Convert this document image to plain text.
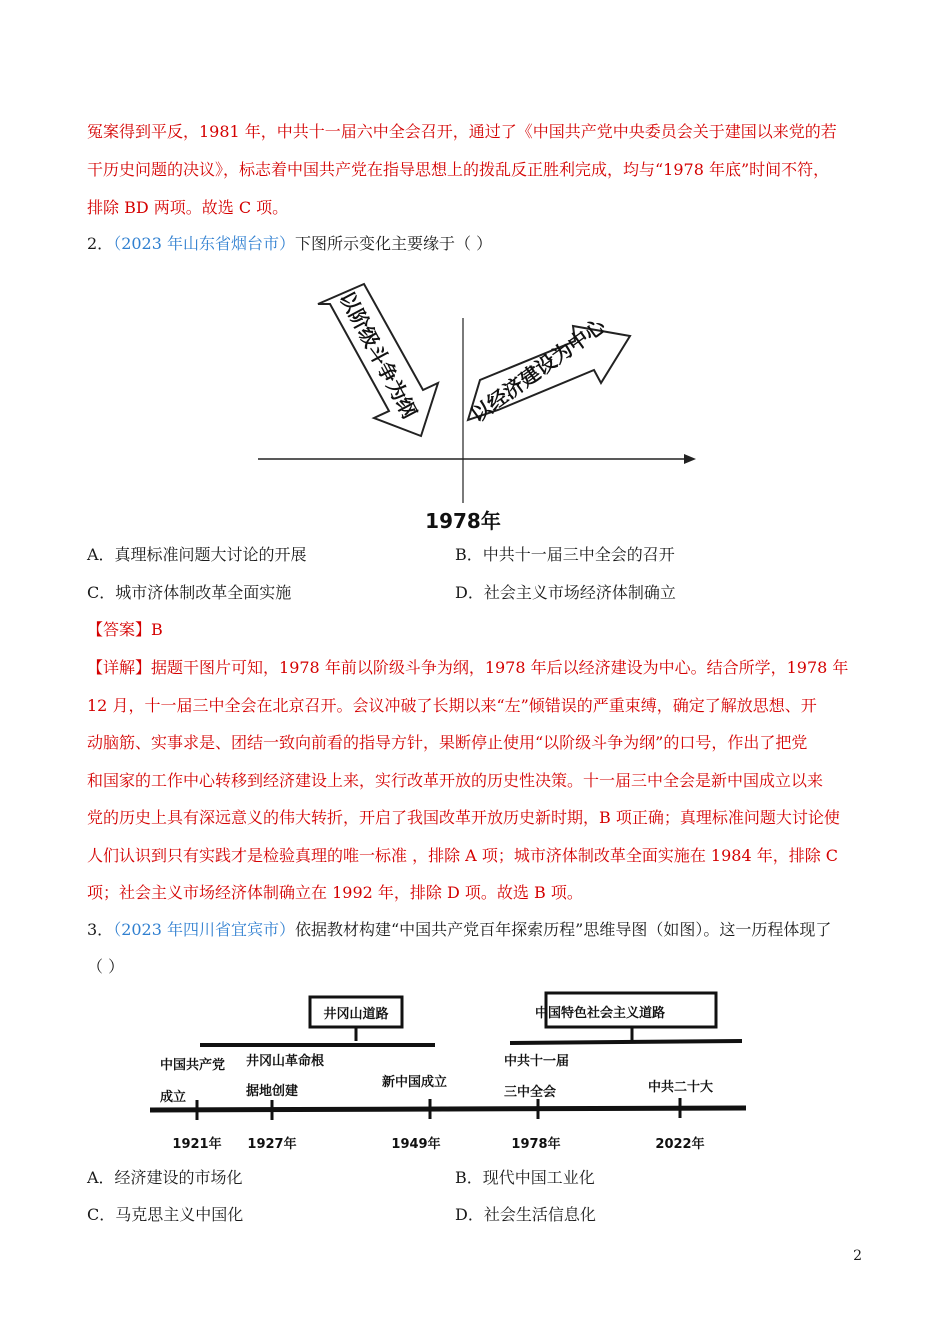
冤案得到平反，1981 年，中共十一届六中全会召开，通过了《中国共产党中央委员会关于建国以来党的若
干历史问题的决议》，标志着中国共产党在指导思想上的拨乱反正胜利完成，均与“1978 年底”时间不符，
排除 BD 两项。故选 C 项。
2．（2023 年山东省烟台市）下图所示变化主要缘于（ ）
以阶级斗争为纲 以经济建设为中心
1978年
A．真理标准问题大讨论的开展	B．中共十一届三中全会的召开
C．城市济体制改革全面实施	D．社会主义市场经济体制确立
【答案】B
【详解】据题干图片可知，1978 年前以阶级斗争为纲，1978 年后以经济建设为中心。结合所学，1978 年
12 月，十一届三中全会在北京召开。会议冲破了长期以来“左”倾错误的严重束缚，确定了解放思想、开
动脑筋、实事求是、团结一致向前看的指导方针，果断停止使用“以阶级斗争为纲”的口号，作出了把党
和国家的工作中心转移到经济建设上来，实行改革开放的历史性决策。十一届三中全会是新中国成立以来
党的历史上具有深远意义的伟大转折，开启了我国改革开放历史新时期，B 项正确；真理标准问题大讨论使
人们认识到只有实践才是检验真理的唯一标准 ，排除 A 项；城市济体制改革全面实施在 1984 年，排除 C
项；社会主义市场经济体制确立在 1992 年，排除 D 项。故选 B 项。
3．（2023 年四川省宜宾市）依据教材构建“中国共产党百年探索历程”思维导图（如图）。这一历程体现了
（ ）
井冈山道路	中国特色社会主义道路
中国共产党
成立
井冈山革命根
据地创建
新中国成立
中共十一届
三中全会	中共二十大
1921年 1927年	1949年	1978年	2022年
A．经济建设的市场化	B．现代中国工业化
C．马克思主义中国化	D．社会生活信息化
2
